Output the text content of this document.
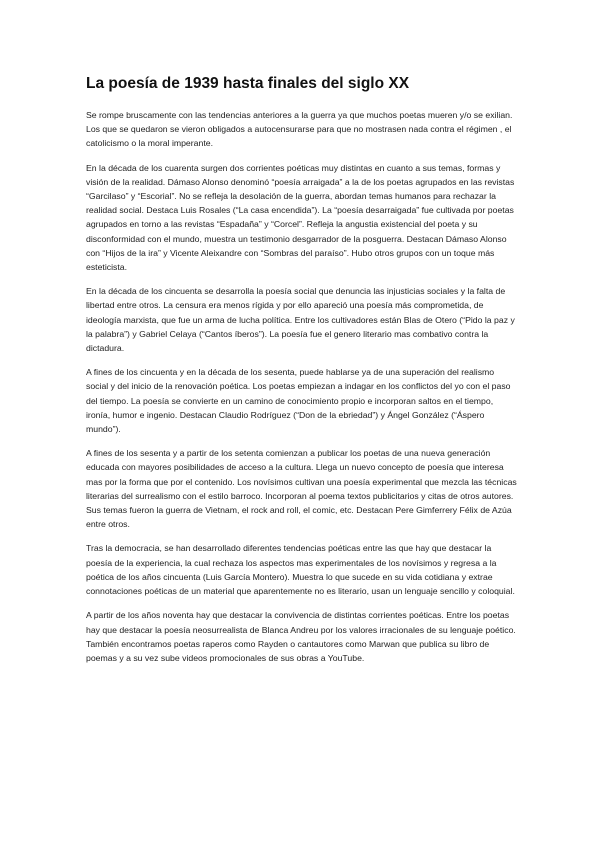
La poesía de 1939 hasta finales del siglo XX

Se rompe bruscamente con las tendencias anteriores a la guerra ya que muchos poetas mueren y/o se exilian. Los que se quedaron se vieron obligados a autocensurarse para que no mostrasen nada contra el régimen , el catolicismo o la moral imperante.

En la década de los cuarenta surgen dos corrientes poéticas muy distintas en cuanto a sus temas, formas y visión de la realidad. Dámaso Alonso denominó “poesía arraigada” a la de los poetas agrupados en las revistas “Garcilaso” y “Escorial”. No se refleja la desolación de la guerra, abordan temas humanos para rechazar la realidad social. Destaca Luis Rosales (“La casa encendida”). La “poesía desarraigada” fue cultivada por poetas agrupados en torno a las revistas “Espadaña” y “Corcel”. Refleja la angustia existencial del poeta y su disconformidad con el mundo, muestra un testimonio desgarrador de la posguerra. Destacan Dámaso Alonso con “Hijos de la ira” y Vicente Aleixandre con “Sombras del paraíso”. Hubo otros grupos con un toque más esteticista.

En la década de los cincuenta se desarrolla la poesía social que denuncia las injusticias sociales y la falta de libertad entre otros. La censura era menos rígida y por ello apareció una poesía más comprometida, de ideología marxista, que fue un arma de lucha política. Entre los cultivadores están Blas de Otero (“Pido la paz y la palabra”) y Gabriel Celaya (“Cantos íberos”). La poesía fue el genero literario mas combativo contra la dictadura.

A fines de los cincuenta y en la década de los sesenta, puede hablarse ya de una superación del realismo social y del inicio de la renovación poética. Los poetas empiezan a indagar en los conflictos del yo con el paso del tiempo. La poesía se convierte en un camino de conocimiento propio e incorporan saltos en el tiempo, ironía, humor e ingenio. Destacan Claudio Rodríguez (“Don de la ebriedad”) y Ángel González (“Áspero mundo”).

A fines de los sesenta y a partir de los setenta comienzan a publicar los poetas de una nueva generación educada con mayores posibilidades de acceso a la cultura. Llega un nuevo concepto de poesía que interesa mas por la forma que por el contenido. Los novísimos cultivan una poesía experimental que mezcla las técnicas literarias del surrealismo con el estilo barroco. Incorporan al poema textos publicitarios y citas de otros autores. Sus temas fueron la guerra de Vietnam, el rock and roll, el comic, etc. Destacan Pere Gimferrery Félix de Azúa entre otros.

Tras la democracia, se han desarrollado diferentes tendencias poéticas entre las que hay que destacar la poesía de la experiencia, la cual rechaza los aspectos mas experimentales de los novísimos y regresa a la poética de los años cincuenta (Luis García Montero). Muestra lo que sucede en su vida cotidiana y extrae connotaciones poéticas de un material que aparentemente no es literario, usan un lenguaje sencillo y coloquial.

A partir de los años noventa hay que destacar la convivencia de distintas corrientes poéticas. Entre los poetas hay que destacar la poesía neosurrealista de Blanca Andreu por los valores irracionales de su lenguaje poético. También encontramos poetas raperos como Rayden o cantautores como Marwan que publica su libro de poemas y a su vez sube videos promocionales de sus obras a YouTube.
